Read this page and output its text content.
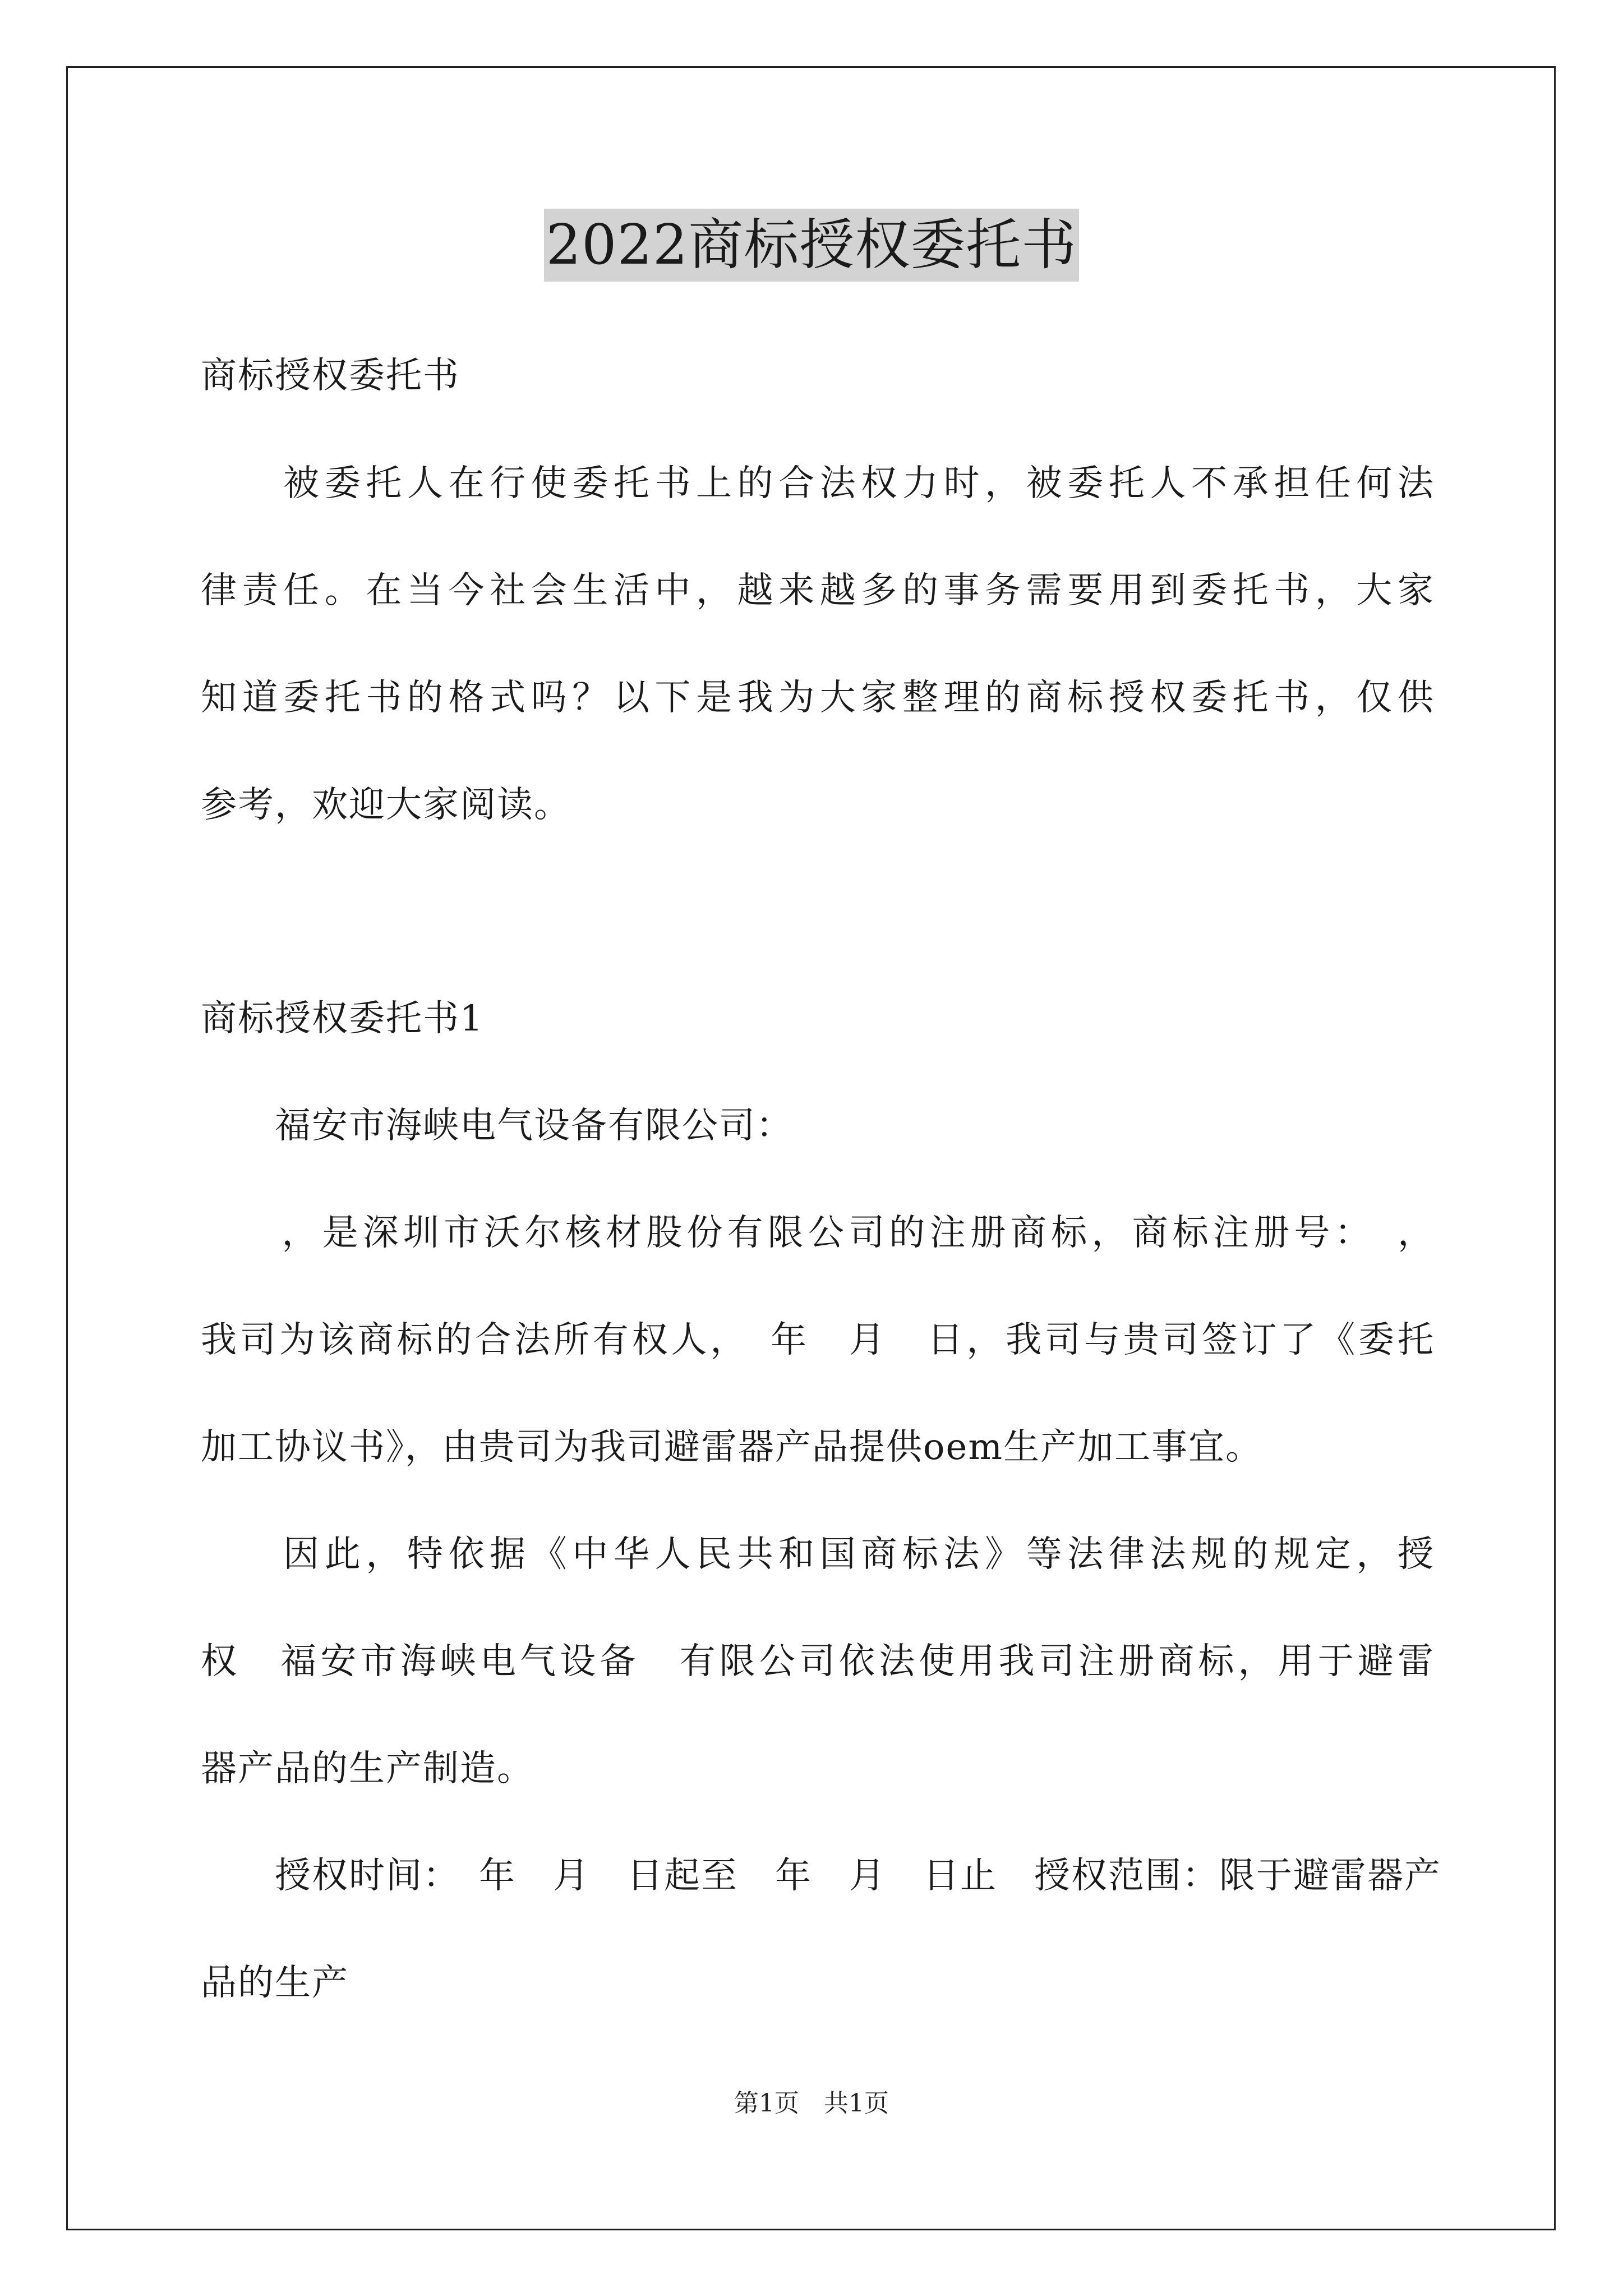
2022商标授权委托书
商标授权委托书
　　被委托人在行使委托书上的合法权力时，被委托人不承担任何法
律责任。在当今社会生活中，越来越多的事务需要用到委托书，大家
知道委托书的格式吗？以下是我为大家整理的商标授权委托书，仅供
参考，欢迎大家阅读。
商标授权委托书1
　　福安市海峡电气设备有限公司：
　　，是深圳市沃尔核材股份有限公司的注册商标，商标注册号：　，
我司为该商标的合法所有权人，　年　月　日，我司与贵司签订了《委托
加工协议书》，由贵司为我司避雷器产品提供oem生产加工事宜。
　　因此，特依据《中华人民共和国商标法》等法律法规的规定，授
权　福安市海峡电气设备　有限公司依法使用我司注册商标，用于避雷
器产品的生产制造。
　　授权时间：　年　月　日起至　年　月　日止　授权范围：限于避雷器产
品的生产
第1页　共1页
